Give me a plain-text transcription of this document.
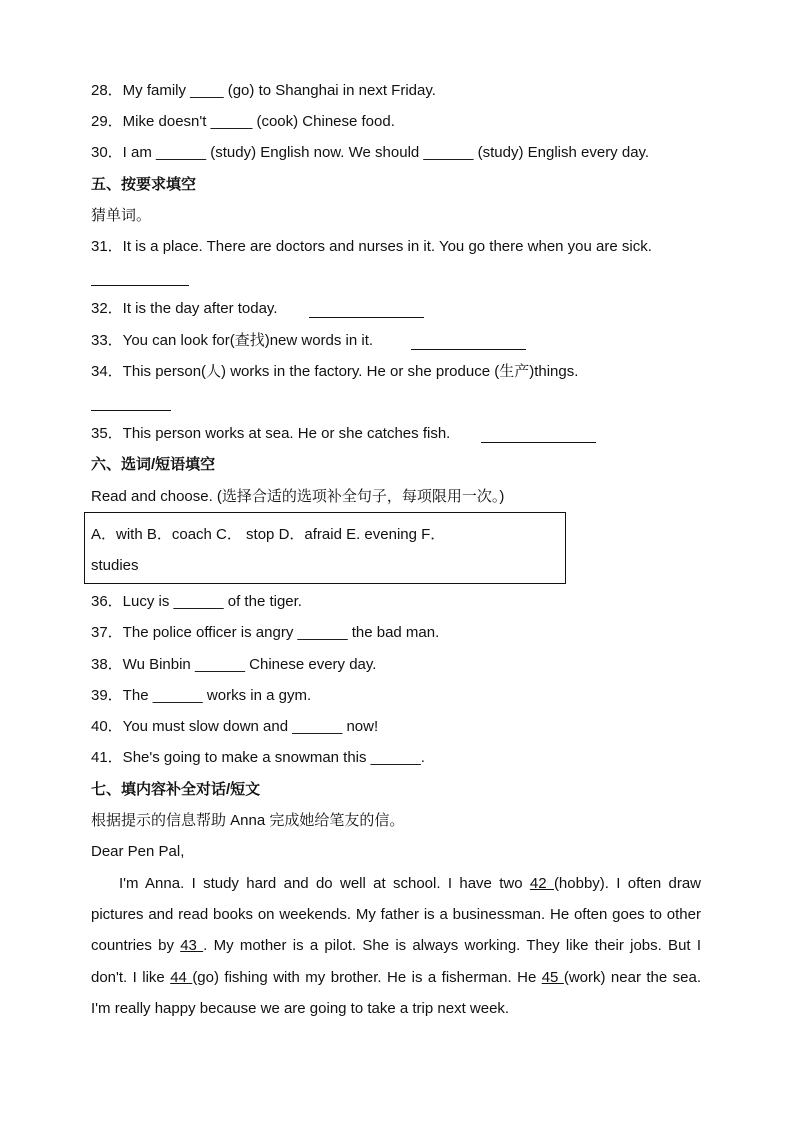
28．My family ____ (go) to Shanghai in next Friday.
29．Mike doesn't _____ (cook) Chinese food.
30．I am ______ (study) English now. We should ______ (study) English every day.
五、按要求填空
猜单词。
31．It is a place. There are doctors and nurses in it. You go there when you are sick.
32．It is the day after today.
33．You can look for(查找)new words in it.
34．This person(人) works in the factory. He or she produce (生产)things.
35．This person works at sea. He or she catches fish.
六、选词/短语填空
Read and choose. (选择合适的选项补全句子，每项限用一次。)
A．with B．coach C． stop D．afraid E. evening F．
studies
36．Lucy is ______ of the tiger.
37．The police officer is angry ______ the bad man.
38．Wu Binbin ______ Chinese every day.
39．The ______ works in a gym.
40．You must slow down and ______ now!
41．She's going to make a snowman this ______.
七、填内容补全对话/短文
根据提示的信息帮助 Anna 完成她给笔友的信。
Dear Pen Pal,

I'm Anna. I study hard and do well at school. I have two 42 (hobby). I often draw pictures and read books on weekends. My father is a businessman. He often goes to other countries by 43 . My mother is a pilot. She is always working. They like their jobs. But I don't. I like 44 (go) fishing with my brother. He is a fisherman. He 45 (work) near the sea. I'm really happy because we are going to take a trip next week.
